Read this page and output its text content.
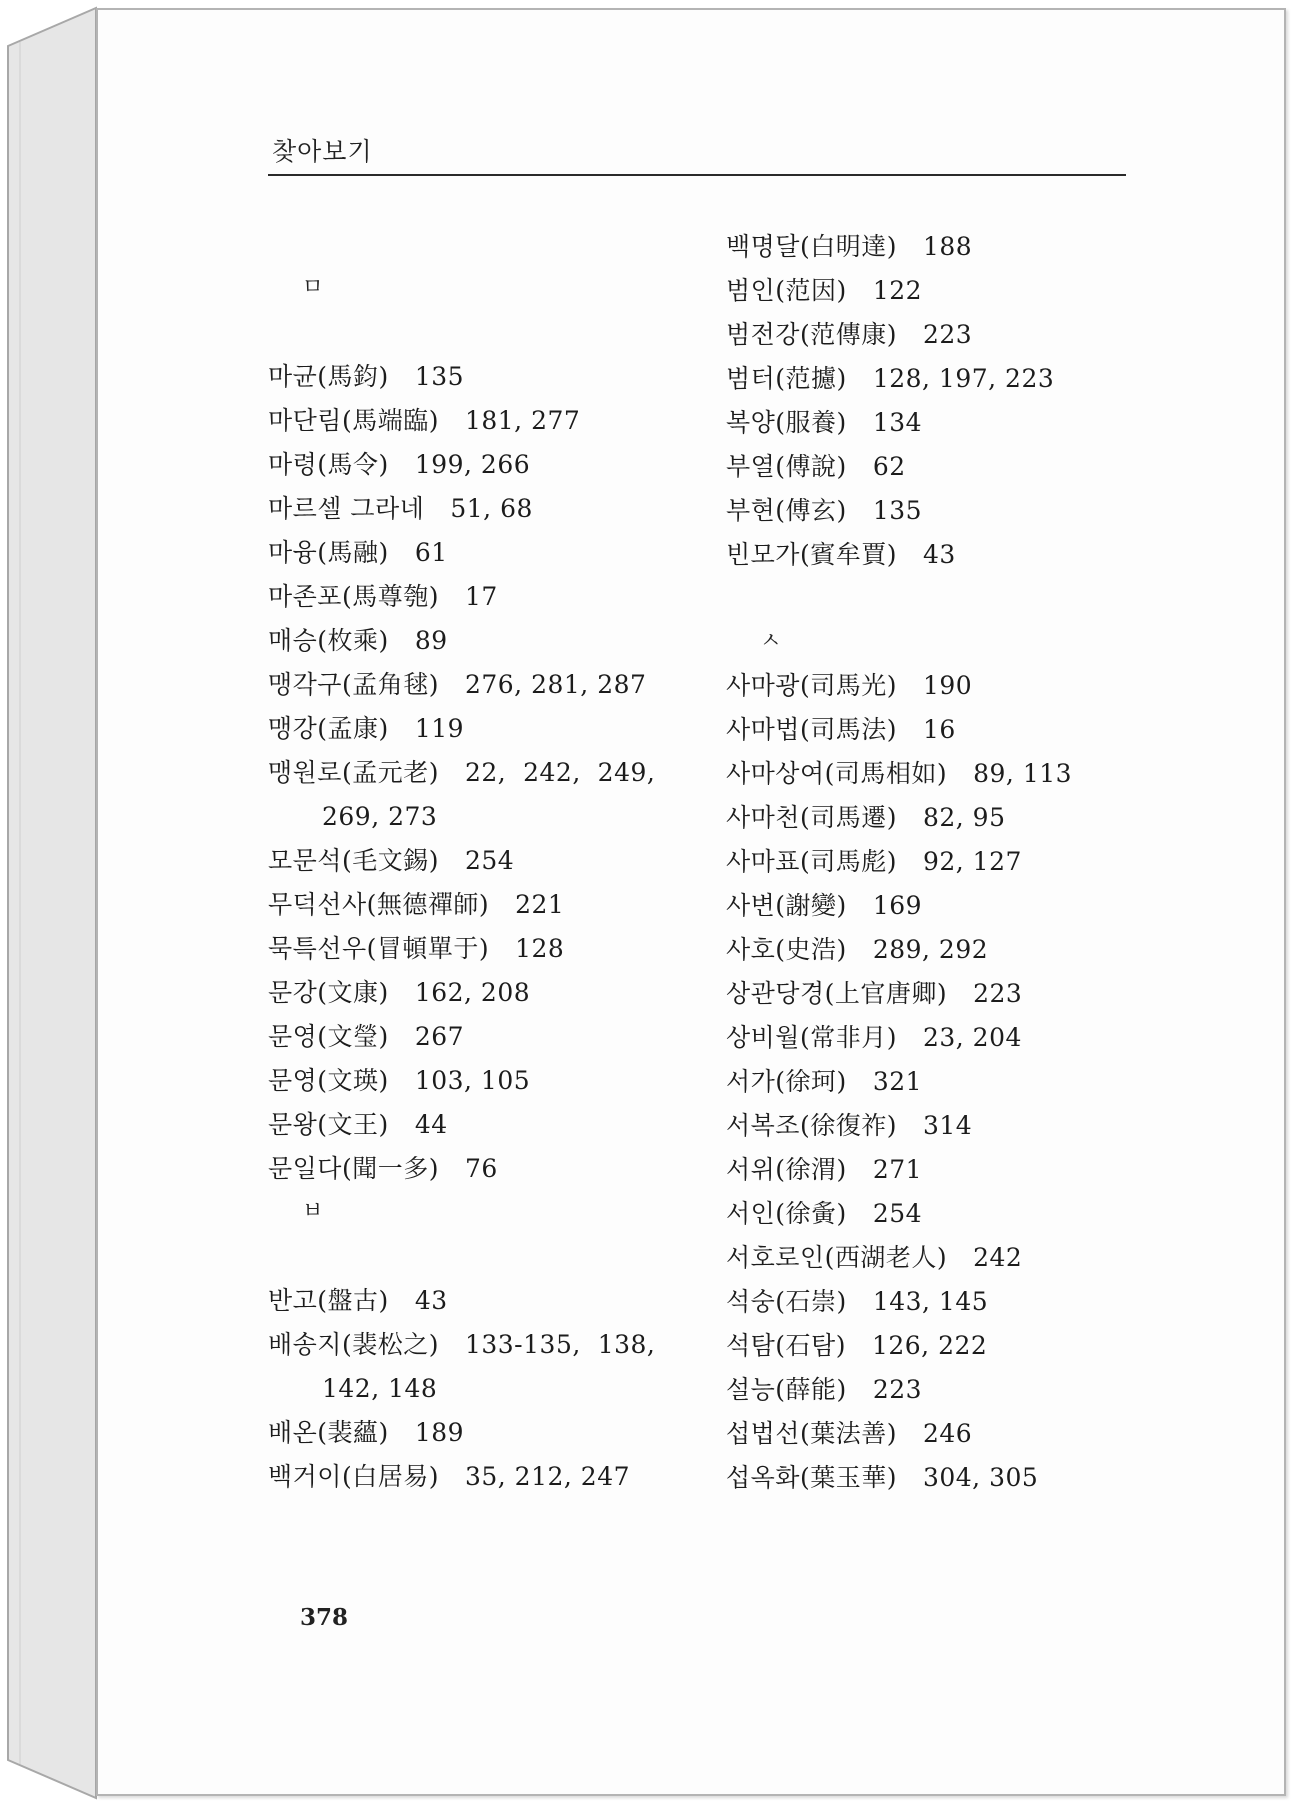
찾아보기
ㅁ
마균(馬鈞) 135
마단림(馬端臨) 181, 277
마령(馬令) 199, 266
마르셀 그라네 51, 68
마융(馬融) 61
마존포(馬尊匏) 17
매승(枚乘) 89
맹각구(孟角毬) 276, 281, 287
맹강(孟康) 119
맹원로(孟元老) 22,  242,  249,
269, 273
모문석(毛文錫) 254
무덕선사(無德禪師) 221
묵특선우(冒頓單于) 128
문강(文康) 162, 208
문영(文瑩) 267
문영(文瑛) 103, 105
문왕(文王) 44
문일다(聞一多) 76
ㅂ
반고(盤古) 43
배송지(裴松之) 133-135,  138,
142, 148
배온(裴蘊) 189
백거이(白居易) 35, 212, 247
백명달(白明達) 188
범인(范因) 122
범전강(范傳康) 223
범터(范攄) 128, 197, 223
복양(服養) 134
부열(傅說) 62
부현(傅玄) 135
빈모가(賓牟賈) 43
ㅅ
사마광(司馬光) 190
사마법(司馬法) 16
사마상여(司馬相如) 89, 113
사마천(司馬遷) 82, 95
사마표(司馬彪) 92, 127
사변(謝變) 169
사호(史浩) 289, 292
상관당경(上官唐卿) 223
상비월(常非月) 23, 204
서가(徐珂) 321
서복조(徐復祚) 314
서위(徐渭) 271
서인(徐夤) 254
서호로인(西湖老人) 242
석숭(石崇) 143, 145
석탐(石탐) 126, 222
설능(薛能) 223
섭법선(葉法善) 246
섭옥화(葉玉華) 304, 305
378
